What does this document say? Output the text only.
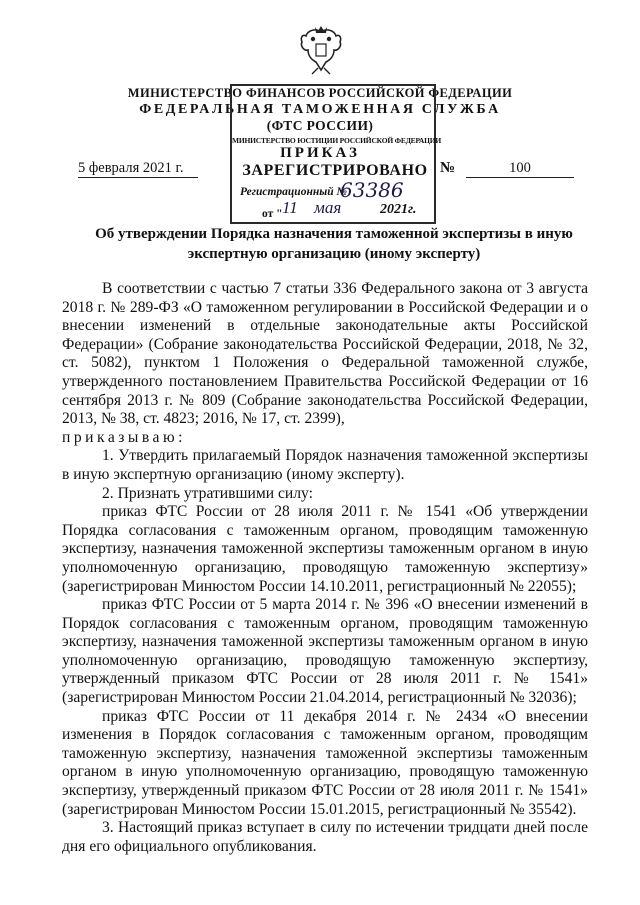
МИНИСТЕРСТВО ФИНАНСОВ РОССИЙСКОЙ ФЕДЕРАЦИИ
ФЕДЕРАЛЬНАЯ ТАМОЖЕННАЯ СЛУЖБА
(ФТС РОССИИ)
ПРИКАЗ
5 февраля 2021 г.	№	100
МИНИСТЕРСТВО ЮСТИЦИИ РОССИЙСКОЙ ФЕДЕРАЦИИ
ЗАРЕГИСТРИРОВАНО
Регистрационный №
63386
от " 11 мая	2021г.
Об утверждении Порядка назначения таможенной экспертизы в иную экспертную организацию (иному эксперту)

В соответствии с частью 7 статьи 336 Федерального закона от 3 августа 2018 г. № 289-ФЗ «О таможенном регулировании в Российской Федерации и о внесении изменений в отдельные законодательные акты Российской Федерации» (Собрание законодательства Российской Федерации, 2018, № 32, ст. 5082), пунктом 1 Положения о Федеральной таможенной службе, утвержденного постановлением Правительства Российской Федерации от 16 сентября 2013 г. № 809 (Собрание законодательства Российской Федерации, 2013, № 38, ст. 4823; 2016, № 17, ст. 2399),

приказываю:

1. Утвердить прилагаемый Порядок назначения таможенной экспертизы в иную экспертную организацию (иному эксперту).

2. Признать утратившими силу:

приказ ФТС России от 28 июля 2011 г. № 1541 «Об утверждении Порядка согласования с таможенным органом, проводящим таможенную экспертизу, назначения таможенной экспертизы таможенным органом в иную уполномоченную организацию, проводящую таможенную экспертизу» (зарегистрирован Минюстом России 14.10.2011, регистрационный № 22055);

приказ ФТС России от 5 марта 2014 г. № 396 «О внесении изменений в Порядок согласования с таможенным органом, проводящим таможенную экспертизу, назначения таможенной экспертизы таможенным органом в иную уполномоченную организацию, проводящую таможенную экспертизу, утвержденный приказом ФТС России от 28 июля 2011 г. № 1541» (зарегистрирован Минюстом России 21.04.2014, регистрационный № 32036);

приказ ФТС России от 11 декабря 2014 г. № 2434 «О внесении изменения в Порядок согласования с таможенным органом, проводящим таможенную экспертизу, назначения таможенной экспертизы таможенным органом в иную уполномоченную организацию, проводящую таможенную экспертизу, утвержденный приказом ФТС России от 28 июля 2011 г. № 1541» (зарегистрирован Минюстом России 15.01.2015, регистрационный № 35542).

3. Настоящий приказ вступает в силу по истечении тридцати дней после дня его официального опубликования.
